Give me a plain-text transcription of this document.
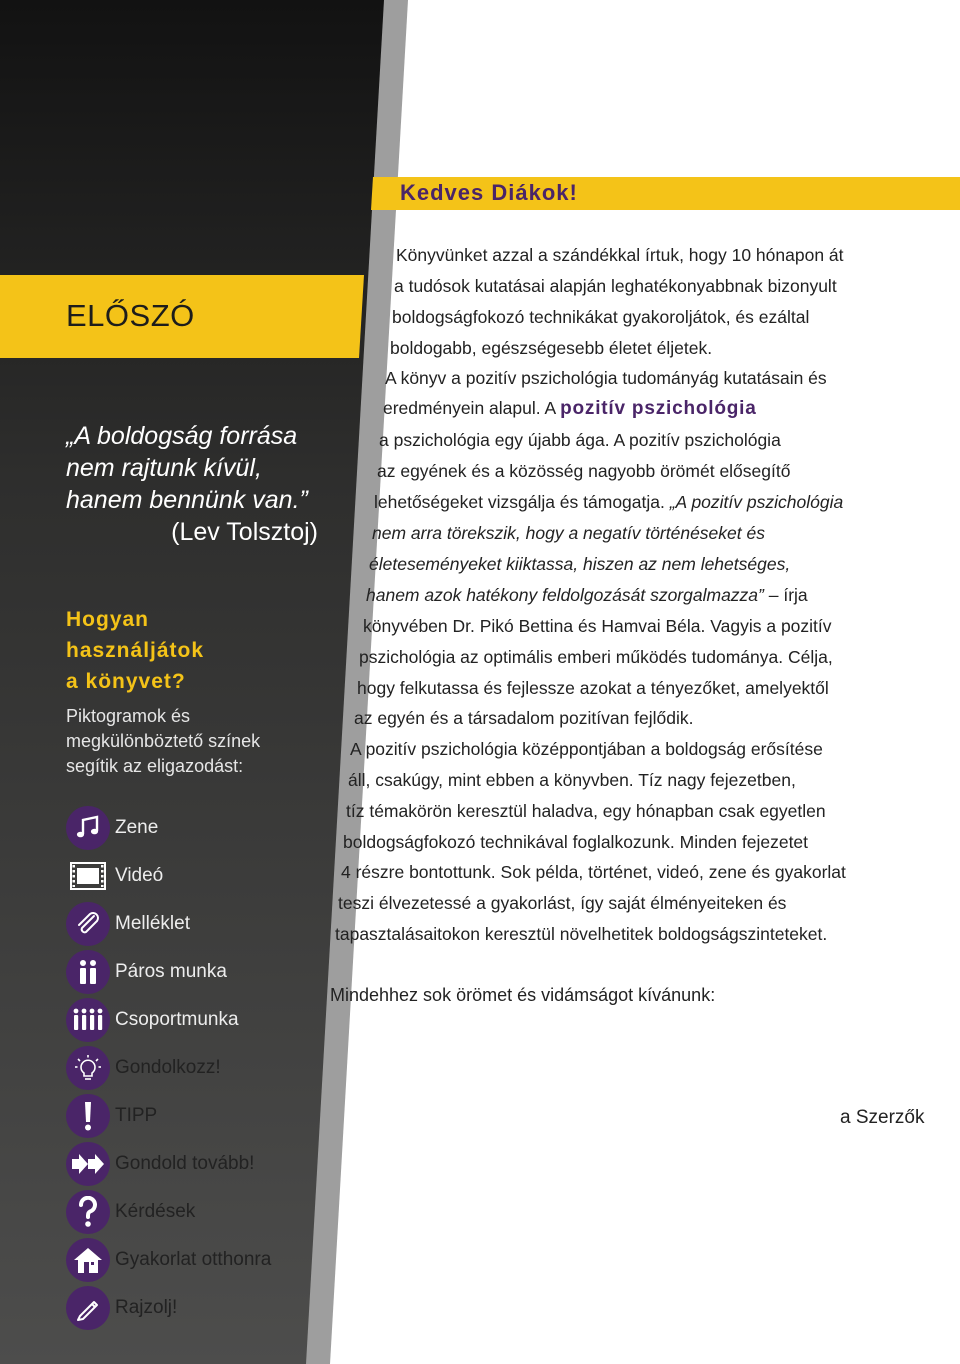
ELŐSZÓ
Kedves Diákok!
„A boldogság forrása
nem rajtunk kívül,
hanem bennünk van.”
(Lev Tolsztoj)
Hogyan
használjátok
a könyvet?
Piktogramok és
megkülönböztető színek
segítik az eligazodást:
Zene
Videó
Melléklet
Páros munka
Csoportmunka
Gondolkozz!
TIPP
Gondold tovább!
Kérdések
Gyakorlat otthonra
Rajzolj!
Könyvünket azzal a szándékkal írtuk, hogy 10 hónapon át
a tudósok kutatásai alapján leghatékonyabbnak bizonyult
boldogságfokozó technikákat gyakoroljátok, és ezáltal
boldogabb, egészségesebb életet éljetek.
A könyv a pozitív pszichológia tudományág kutatásain és
eredményein alapul. A pozitív pszichológia
a pszichológia egy újabb ága. A pozitív pszichológia
az egyének és a közösség nagyobb örömét elősegítő
lehetőségeket vizsgálja és támogatja. „A pozitív pszichológia
nem arra törekszik, hogy a negatív történéseket és
életeseményeket kiiktassa, hiszen az nem lehetséges,
hanem azok hatékony feldolgozását szorgalmazza” – írja
könyvében Dr. Pikó Bettina és Hamvai Béla. Vagyis a pozitív
pszichológia az optimális emberi működés tudománya. Célja,
hogy felkutassa és fejlessze azokat a tényezőket, amelyektől
az egyén és a társadalom pozitívan fejlődik.
A pozitív pszichológia középpontjában a boldogság erősítése
áll, csakúgy, mint ebben a könyvben. Tíz nagy fejezetben,
tíz témakörön keresztül haladva, egy hónapban csak egyetlen
boldogságfokozó technikával foglalkozunk. Minden fejezetet
4 részre bontottunk. Sok példa, történet, videó, zene és gyakorlat
teszi élvezetessé a gyakorlást, így saját élményeiteken és
tapasztalásaitokon keresztül növelhetitek boldogságszinteteket.
Mindehhez sok örömet és vidámságot kívánunk:
a Szerzők
